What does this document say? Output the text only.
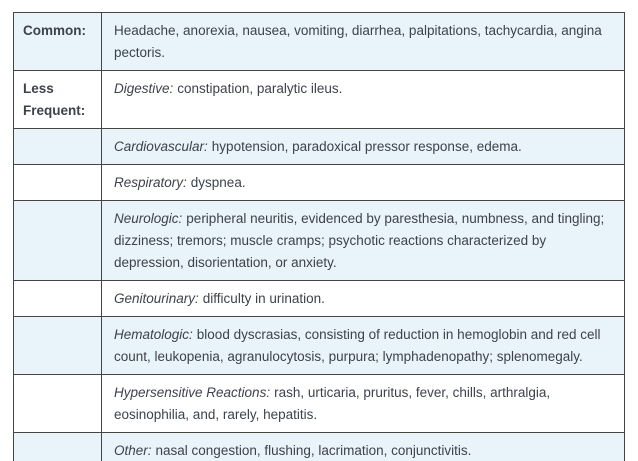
Common:	Headache, anorexia, nausea, vomiting, diarrhea, palpitations, tachycardia, angina pectoris.
Less Frequent:	Digestive: constipation, paralytic ileus.
	Cardiovascular: hypotension, paradoxical pressor response, edema.
	Respiratory: dyspnea.
	Neurologic: peripheral neuritis, evidenced by paresthesia, numbness, and tingling; dizziness; tremors; muscle cramps; psychotic reactions characterized by depression, disorientation, or anxiety.
	Genitourinary: difficulty in urination.
	Hematologic: blood dyscrasias, consisting of reduction in hemoglobin and red cell count, leukopenia, agranulocytosis, purpura; lymphadenopathy; splenomegaly.
	Hypersensitive Reactions: rash, urticaria, pruritus, fever, chills, arthralgia, eosinophilia, and, rarely, hepatitis.
	Other: nasal congestion, flushing, lacrimation, conjunctivitis.
